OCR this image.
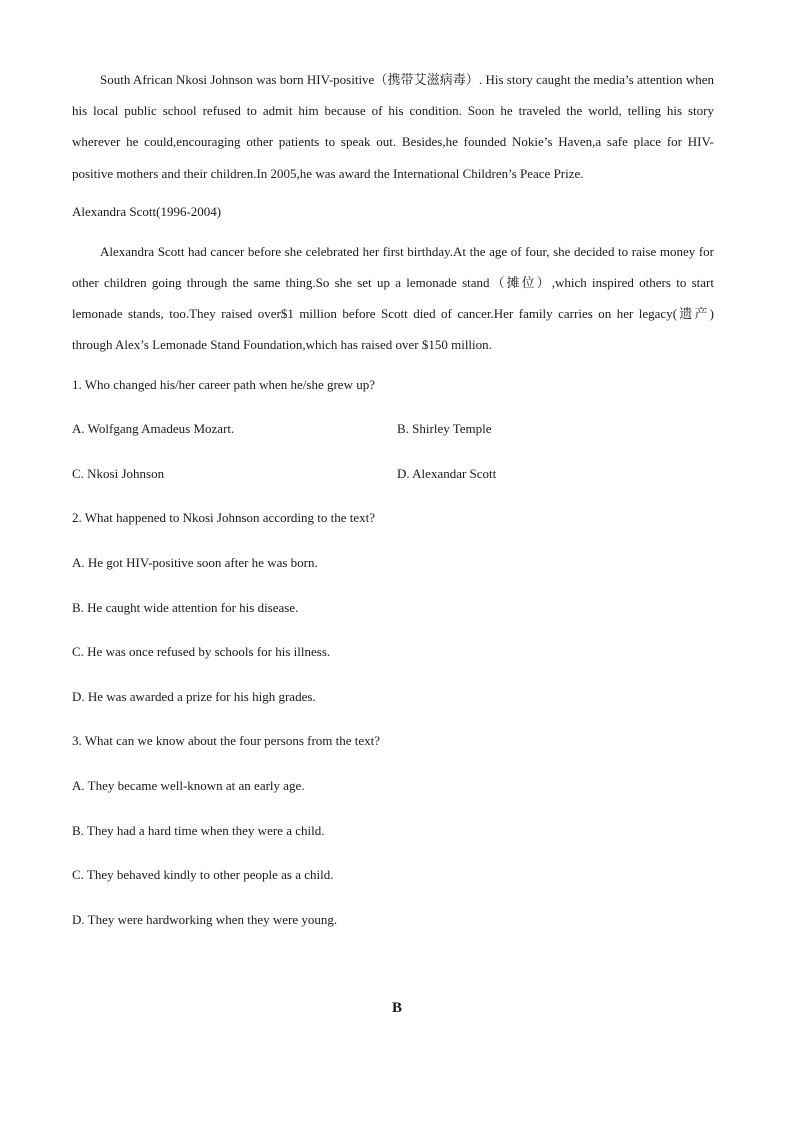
South African Nkosi Johnson was born HIV-positive（携带艾滋病毒）. His story caught the media’s attention when his local public school refused to admit him because of his condition. Soon he traveled the world, telling his story wherever he could,encouraging other patients to speak out. Besides,he founded Nokie’s Haven,a safe place for HIV-positive mothers and their children.In 2005,he was award the International Children’s Peace Prize.

Alexandra Scott(1996-2004)

Alexandra Scott had cancer before she celebrated her first birthday.At the age of four, she decided to raise money for other children going through the same thing.So she set up a lemonade stand（摊位）,which inspired others to start lemonade stands, too.They raised over$1 million before Scott died of cancer.Her family carries on her legacy(遗产) through Alex’s Lemonade Stand Foundation,which has raised over $150 million.

1. Who changed his/her career path when he/she grew up?

A. Wolfgang Amadeus Mozart.	B. Shirley Temple
C. Nkosi Johnson	D. Alexandar Scott

2. What happened to Nkosi Johnson according to the text?

A. He got HIV-positive soon after he was born.

B. He caught wide attention for his disease.

C. He was once refused by schools for his illness.

D. He was awarded a prize for his high grades.

3. What can we know about the four persons from the text?

A. They became well-known at an early age.

B. They had a hard time when they were a child.

C. They behaved kindly to other people as a child.

D. They were hardworking when they were young.

B
